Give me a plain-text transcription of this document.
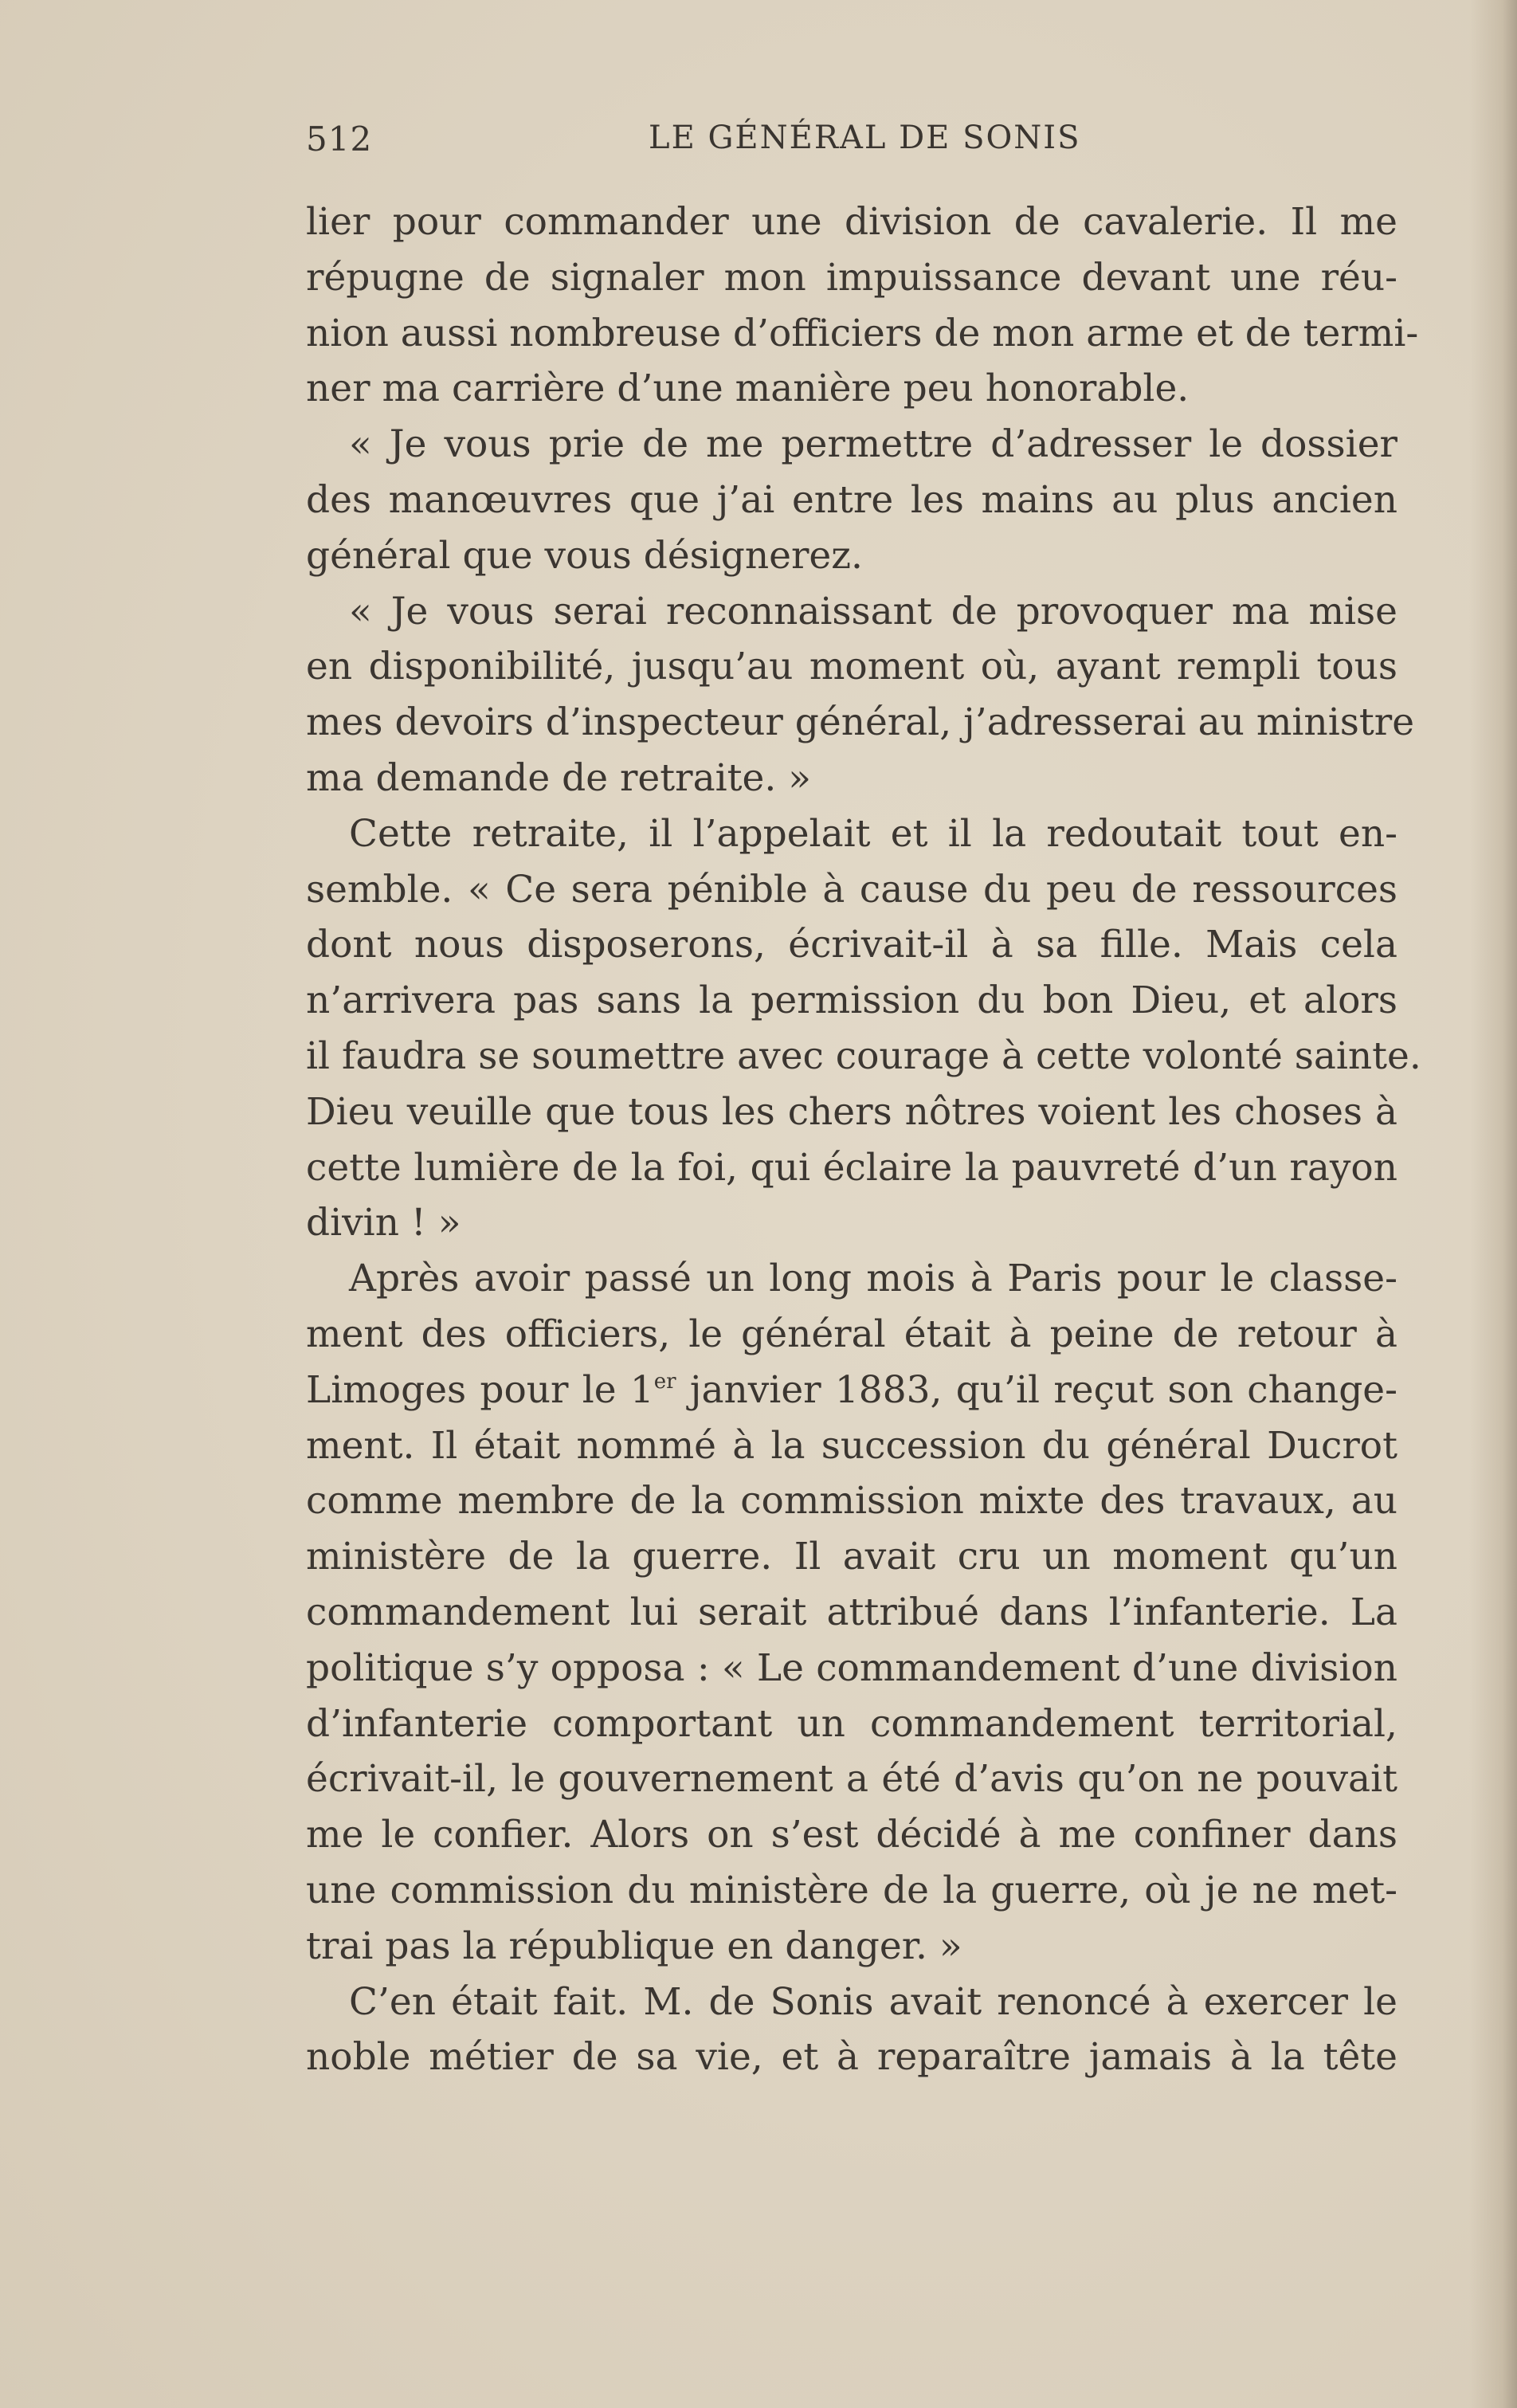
512	LE GÉNÉRAL DE SONIS
lier pour commander une division de cavalerie. Il me
répugne de signaler mon impuissance devant une réu-
nion aussi nombreuse d’officiers de mon arme et de termi-
ner ma carrière d’une manière peu honorable.
« Je vous prie de me permettre d’adresser le dossier
des manœuvres que j’ai entre les mains au plus ancien
général que vous désignerez.
« Je vous serai reconnaissant de provoquer ma mise
en disponibilité, jusqu’au moment où, ayant rempli tous
mes devoirs d’inspecteur général, j’adresserai au ministre
ma demande de retraite. »
Cette retraite, il l’appelait et il la redoutait tout en-
semble. « Ce sera pénible à cause du peu de ressources
dont nous disposerons, écrivait-il à sa fille. Mais cela
n’arrivera pas sans la permission du bon Dieu, et alors
il faudra se soumettre avec courage à cette volonté sainte.
Dieu veuille que tous les chers nôtres voient les choses à
cette lumière de la foi, qui éclaire la pauvreté d’un rayon
divin ! »
Après avoir passé un long mois à Paris pour le classe-
ment des officiers, le général était à peine de retour à
Limoges pour le 1er janvier 1883, qu’il reçut son change-
ment. Il était nommé à la succession du général Ducrot
comme membre de la commission mixte des travaux, au
ministère de la guerre. Il avait cru un moment qu’un
commandement lui serait attribué dans l’infanterie. La
politique s’y opposa : « Le commandement d’une division
d’infanterie comportant un commandement territorial,
écrivait-il, le gouvernement a été d’avis qu’on ne pouvait
me le confier. Alors on s’est décidé à me confiner dans
une commission du ministère de la guerre, où je ne met-
trai pas la république en danger. »
C’en était fait. M. de Sonis avait renoncé à exercer le
noble métier de sa vie, et à reparaître jamais à la tête
